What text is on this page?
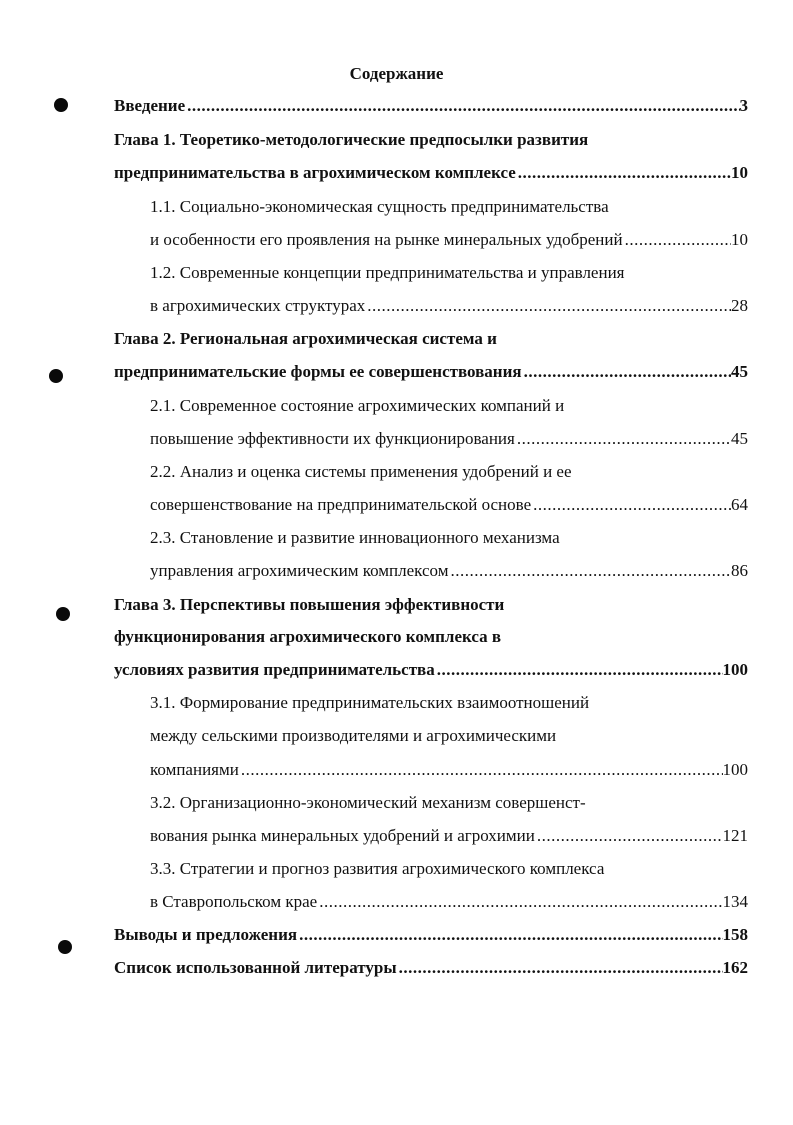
Содержание
Введение .....	3
Глава 1. Теоретико-методологические предпосылки развития
предпринимательства в агрохимическом комплексе .....	10
1.1. Социально-экономическая сущность предпринимательства
и особенности его проявления на рынке минеральных удобрений .....	10
1.2. Современные концепции предпринимательства и управления
в агрохимических структурах .....	28
Глава 2. Региональная агрохимическая система и
предпринимательские формы ее совершенствования .....	45
2.1. Современное состояние агрохимических компаний и
повышение эффективности их функционирования .....	45
2.2. Анализ и оценка системы применения удобрений и ее
совершенствование на предпринимательской основе .....	64
2.3. Становление и развитие инновационного механизма
управления агрохимическим комплексом .....	86
Глава 3. Перспективы повышения эффективности
функционирования агрохимического комплекса в
условиях развития предпринимательства .....	100
3.1. Формирование предпринимательских взаимоотношений
между сельскими производителями и агрохимическими
компаниями .....	100
3.2. Организационно-экономический механизм совершенст-
вования рынка минеральных удобрений и агрохимии .....	121
3.3. Стратегии и прогноз развития агрохимического комплекса
в Ставропольском крае .....	134
Выводы и предложения .....	158
Список использованной литературы .....	162
